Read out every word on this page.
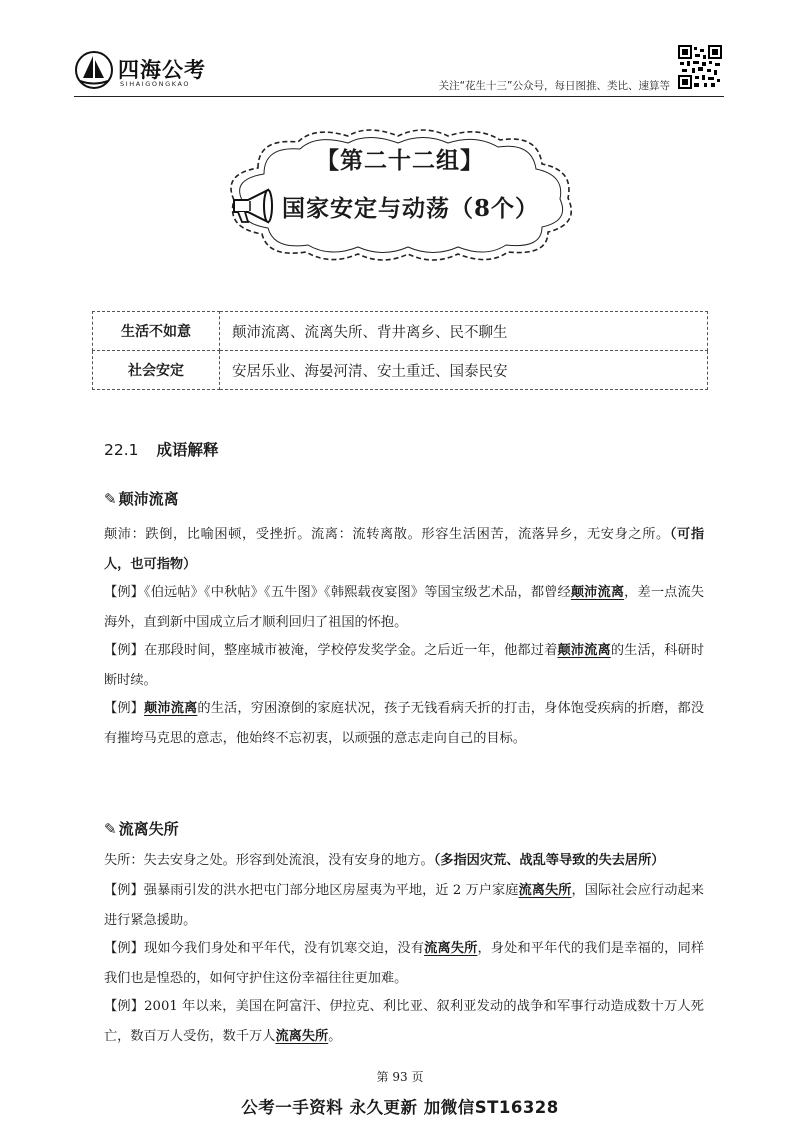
四海公考
SIHAIGONGKAO	关注“花生十三”公众号，每日图推、类比、速算等
【第二十二组】
国家安定与动荡（8个）
生活不如意	颠沛流离、流离失所、背井离乡、民不聊生
社会安定	安居乐业、海晏河清、安土重迁、国泰民安
22.1 成语解释
✎ 颠沛流离
颠沛：跌倒，比喻困顿，受挫折。流离：流转离散。形容生活困苦，流落异乡，无安身之所。（可指人，也可指物）
【例】《伯远帖》《中秋帖》《五牛图》《韩熙载夜宴图》等国宝级艺术品，都曾经颠沛流离，差一点流失海外，直到新中国成立后才顺利回归了祖国的怀抱。
【例】在那段时间，整座城市被淹，学校停发奖学金。之后近一年，他都过着颠沛流离的生活，科研时断时续。
【例】颠沛流离的生活，穷困潦倒的家庭状况，孩子无钱看病夭折的打击，身体饱受疾病的折磨，都没有摧垮马克思的意志，他始终不忘初衷，以顽强的意志走向自己的目标。
✎ 流离失所
失所：失去安身之处。形容到处流浪，没有安身的地方。（多指因灾荒、战乱等导致的失去居所）
【例】强暴雨引发的洪水把屯门部分地区房屋夷为平地，近 2 万户家庭流离失所，国际社会应行动起来进行紧急援助。
【例】现如今我们身处和平年代，没有饥寒交迫，没有流离失所，身处和平年代的我们是幸福的，同样我们也是惶恐的，如何守护住这份幸福往往更加难。
【例】2001 年以来，美国在阿富汗、伊拉克、利比亚、叙利亚发动的战争和军事行动造成数十万人死亡，数百万人受伤，数千万人流离失所。
第 93 页
公考一手资料 永久更新 加微信ST16328
